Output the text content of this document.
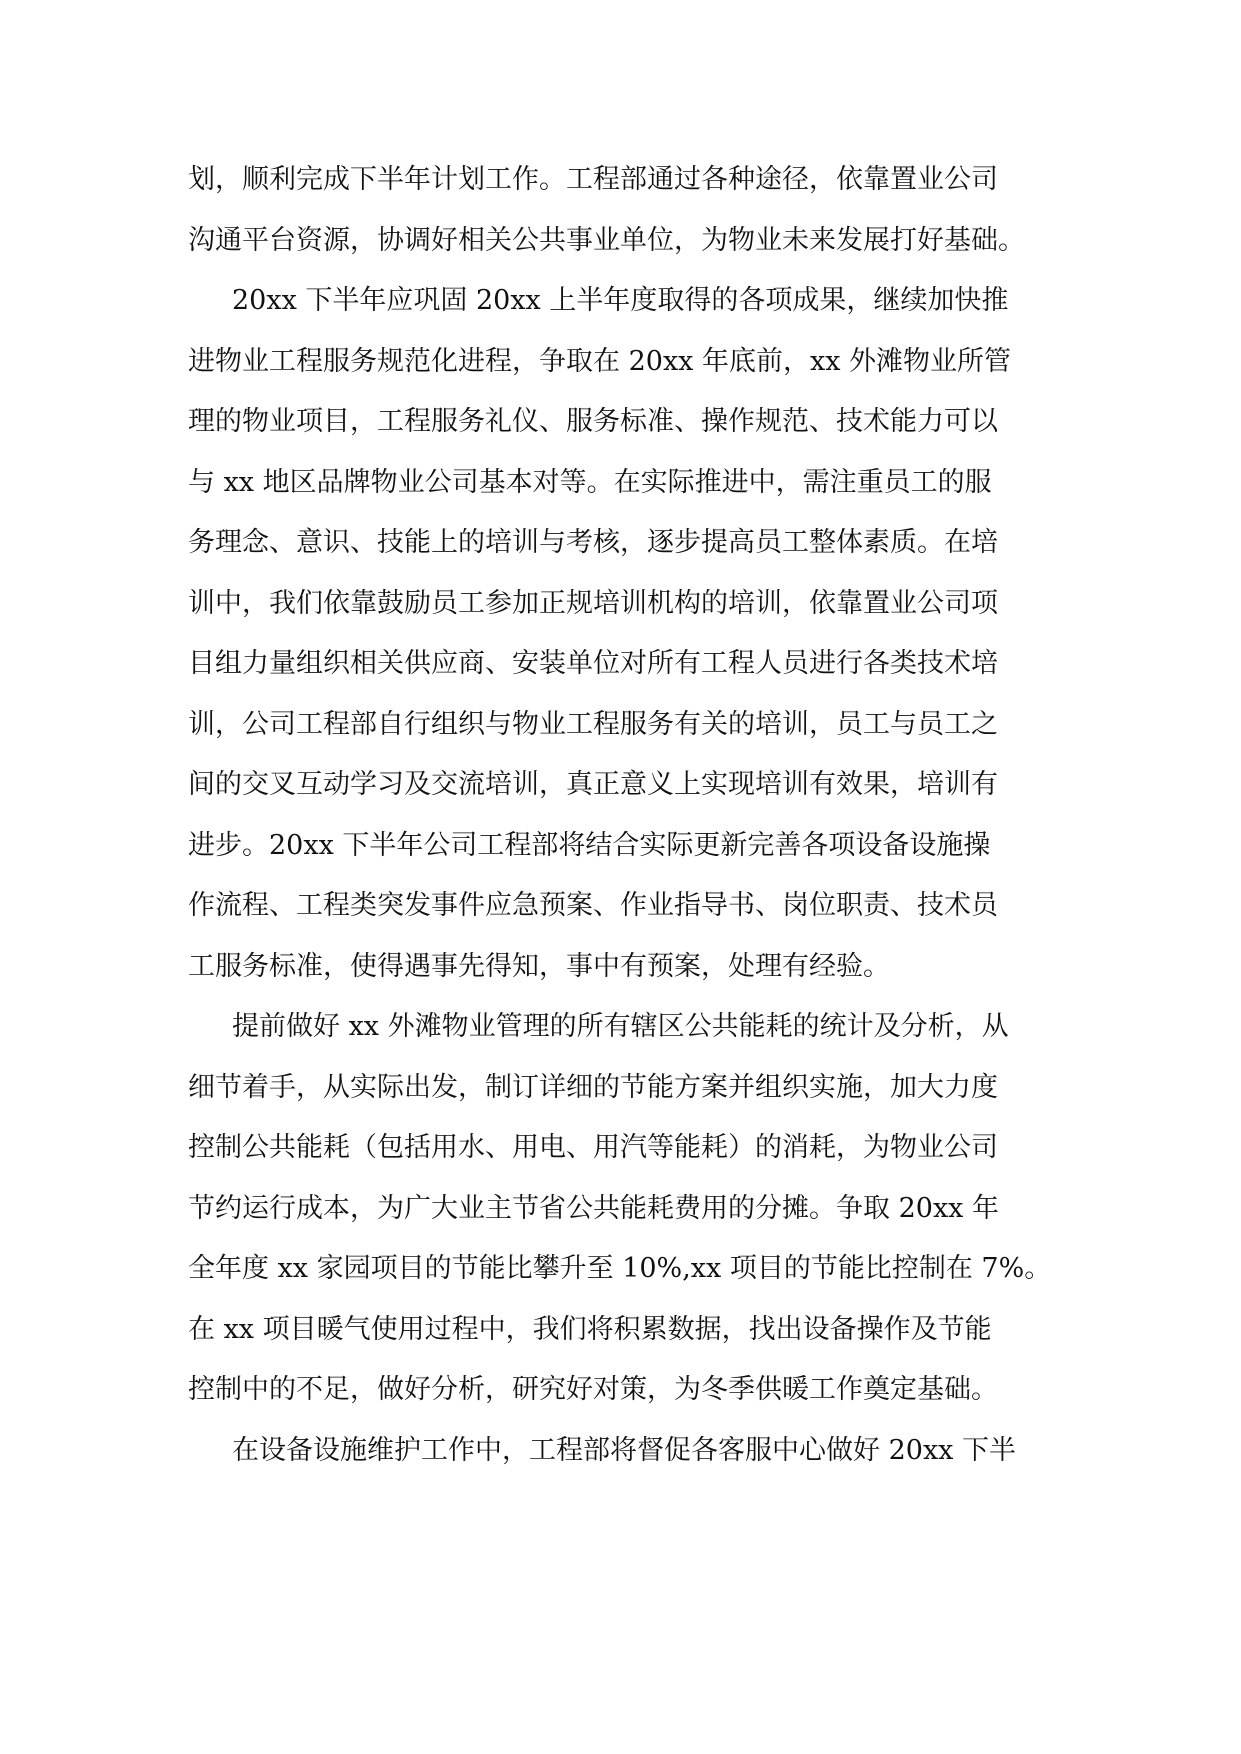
划，顺利完成下半年计划工作。工程部通过各种途径，依靠置业公司

沟通平台资源，协调好相关公共事业单位，为物业未来发展打好基础。

20xx 下半年应巩固 20xx 上半年度取得的各项成果，继续加快推

进物业工程服务规范化进程，争取在 20xx 年底前，xx 外滩物业所管

理的物业项目，工程服务礼仪、服务标准、操作规范、技术能力可以

与 xx 地区品牌物业公司基本对等。在实际推进中，需注重员工的服

务理念、意识、技能上的培训与考核，逐步提高员工整体素质。在培

训中，我们依靠鼓励员工参加正规培训机构的培训，依靠置业公司项

目组力量组织相关供应商、安装单位对所有工程人员进行各类技术培

训，公司工程部自行组织与物业工程服务有关的培训，员工与员工之

间的交叉互动学习及交流培训，真正意义上实现培训有效果，培训有

进步。20xx 下半年公司工程部将结合实际更新完善各项设备设施操

作流程、工程类突发事件应急预案、作业指导书、岗位职责、技术员

工服务标准，使得遇事先得知，事中有预案，处理有经验。

提前做好 xx 外滩物业管理的所有辖区公共能耗的统计及分析，从

细节着手，从实际出发，制订详细的节能方案并组织实施，加大力度

控制公共能耗（包括用水、用电、用汽等能耗）的消耗，为物业公司

节约运行成本，为广大业主节省公共能耗费用的分摊。争取 20xx 年

全年度 xx 家园项目的节能比攀升至 10%,xx 项目的节能比控制在 7%。

在 xx 项目暖气使用过程中，我们将积累数据，找出设备操作及节能

控制中的不足，做好分析，研究好对策，为冬季供暖工作奠定基础。

在设备设施维护工作中，工程部将督促各客服中心做好 20xx 下半
